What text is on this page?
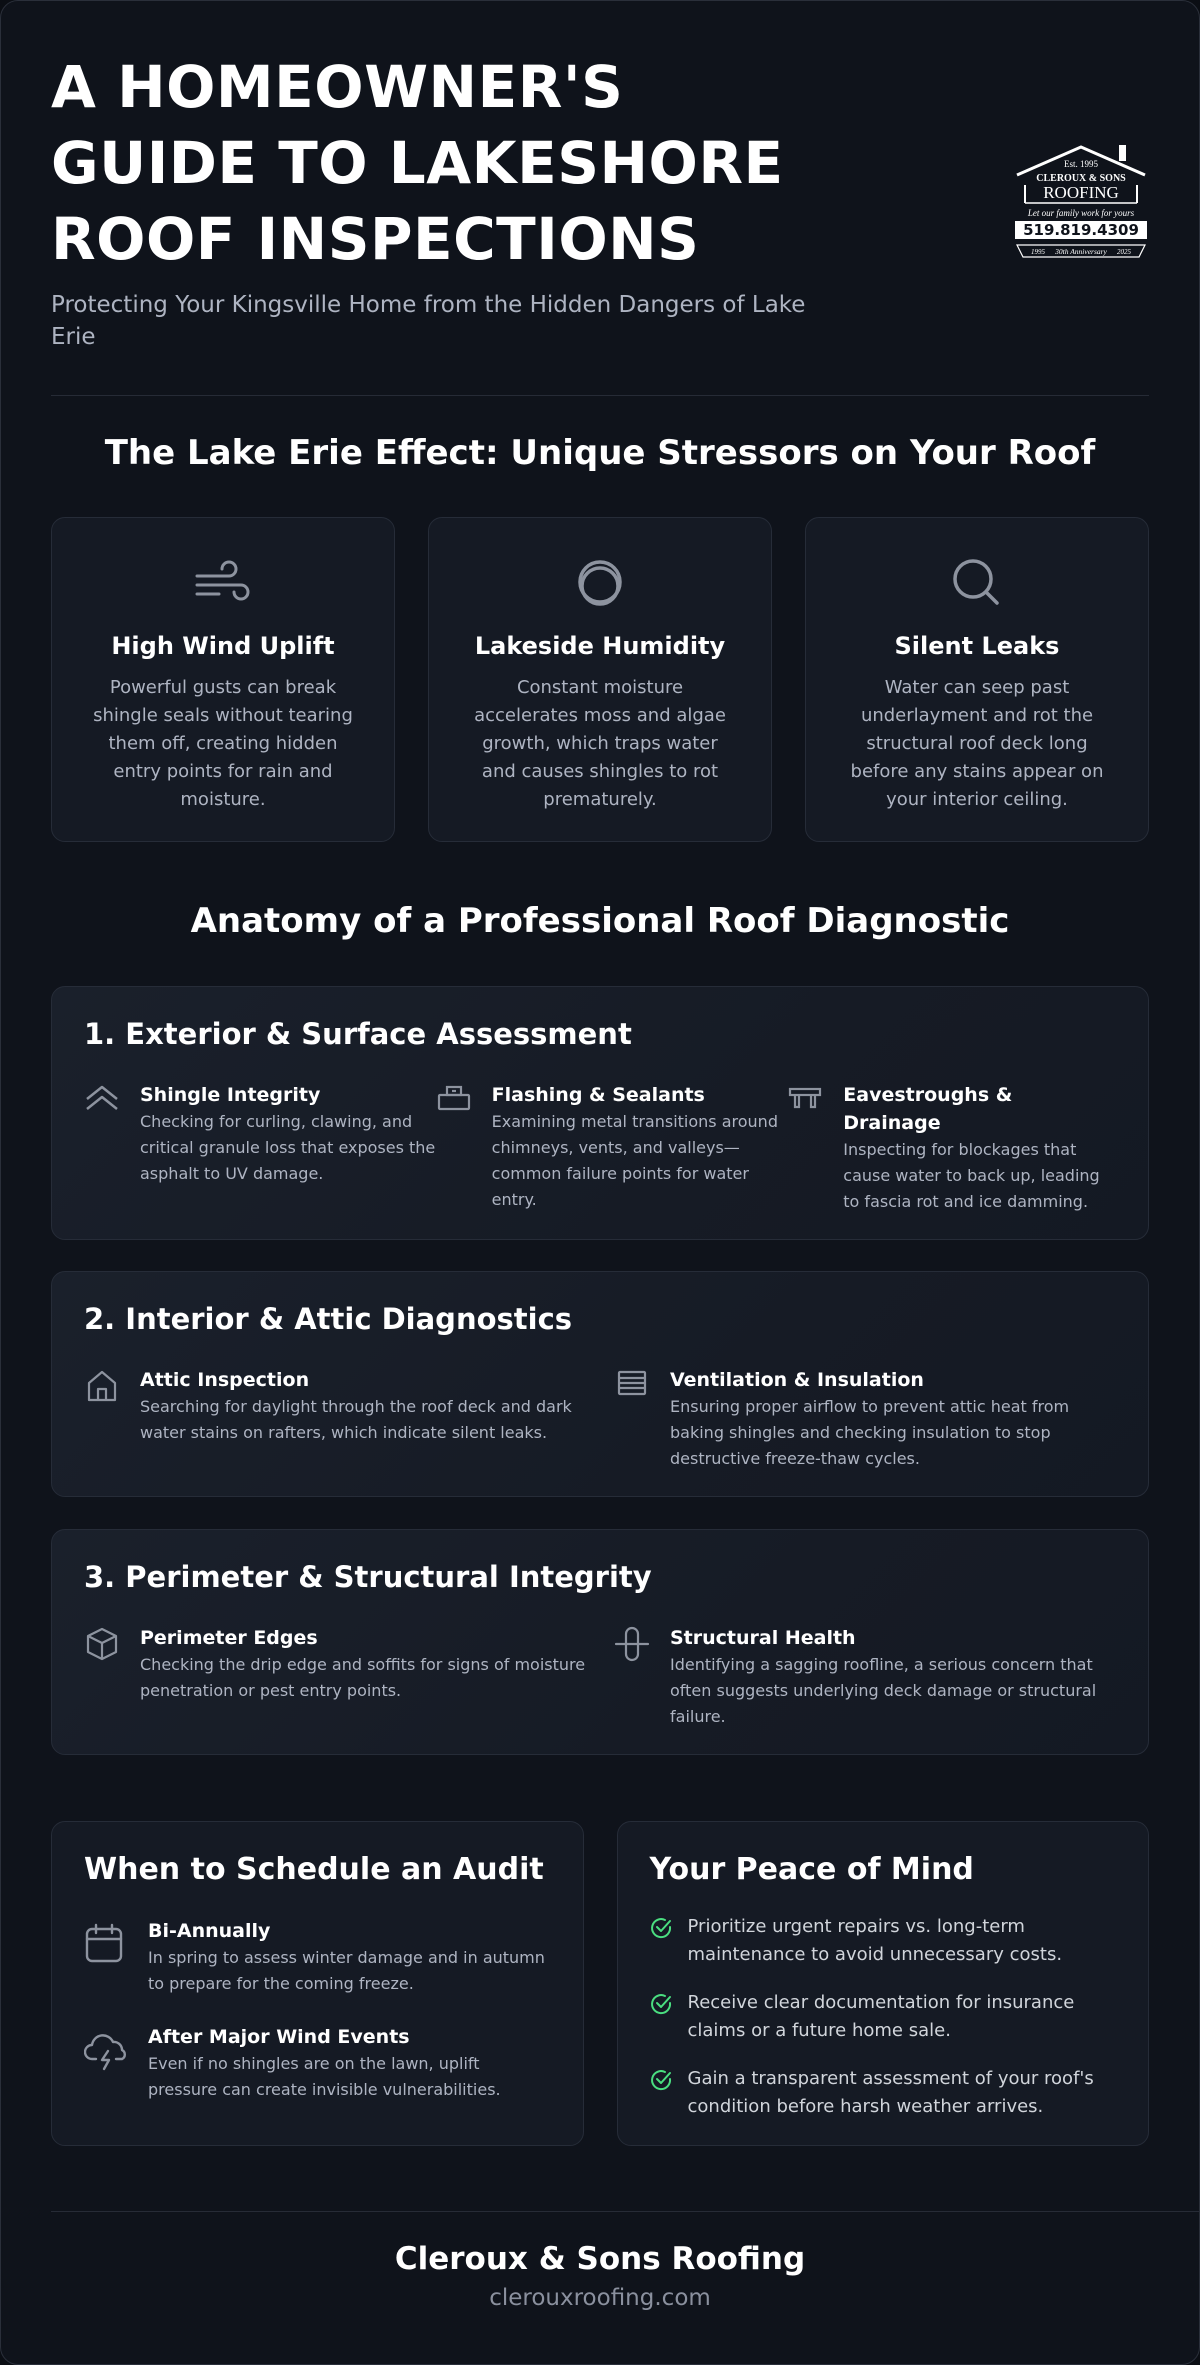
A HOMEOWNER'S GUIDE TO LAKESHORE ROOF INSPECTIONS

Protecting Your Kingsville Home from the Hidden Dangers of Lake Erie

Est. 1995
CLEROUX & SONS
ROOFING
Let our family work for yours
519.819.4309
1995 30th Anniversary 2025
The Lake Erie Effect: Unique Stressors on Your Roof
High Wind Uplift

Powerful gusts can break shingle seals without tearing them off, creating hidden entry points for rain and moisture.

Lakeside Humidity

Constant moisture accelerates moss and algae growth, which traps water and causes shingles to rot prematurely.

Silent Leaks

Water can seep past underlayment and rot the structural roof deck long before any stains appear on your interior ceiling.

Anatomy of a Professional Roof Diagnostic
1. Exterior & Surface Assessment
Shingle Integrity

Checking for curling, clawing, and critical granule loss that exposes the asphalt to UV damage.

Flashing & Sealants

Examining metal transitions around chimneys, vents, and valleys—common failure points for water entry.

Eavestroughs & Drainage

Inspecting for blockages that cause water to back up, leading to fascia rot and ice damming.

2. Interior & Attic Diagnostics
Attic Inspection

Searching for daylight through the roof deck and dark water stains on rafters, which indicate silent leaks.

Ventilation & Insulation

Ensuring proper airflow to prevent attic heat from baking shingles and checking insulation to stop destructive freeze-thaw cycles.

3. Perimeter & Structural Integrity
Perimeter Edges

Checking the drip edge and soffits for signs of moisture penetration or pest entry points.

Structural Health

Identifying a sagging roofline, a serious concern that often suggests underlying deck damage or structural failure.

When to Schedule an Audit
Bi-Annually

In spring to assess winter damage and in autumn to prepare for the coming freeze.

After Major Wind Events

Even if no shingles are on the lawn, uplift pressure can create invisible vulnerabilities.

Your Peace of Mind

Prioritize urgent repairs vs. long-term maintenance to avoid unnecessary costs.

Receive clear documentation for insurance claims or a future home sale.

Gain a transparent assessment of your roof's condition before harsh weather arrives.

Cleroux & Sons Roofing
clerouxroofing.com
